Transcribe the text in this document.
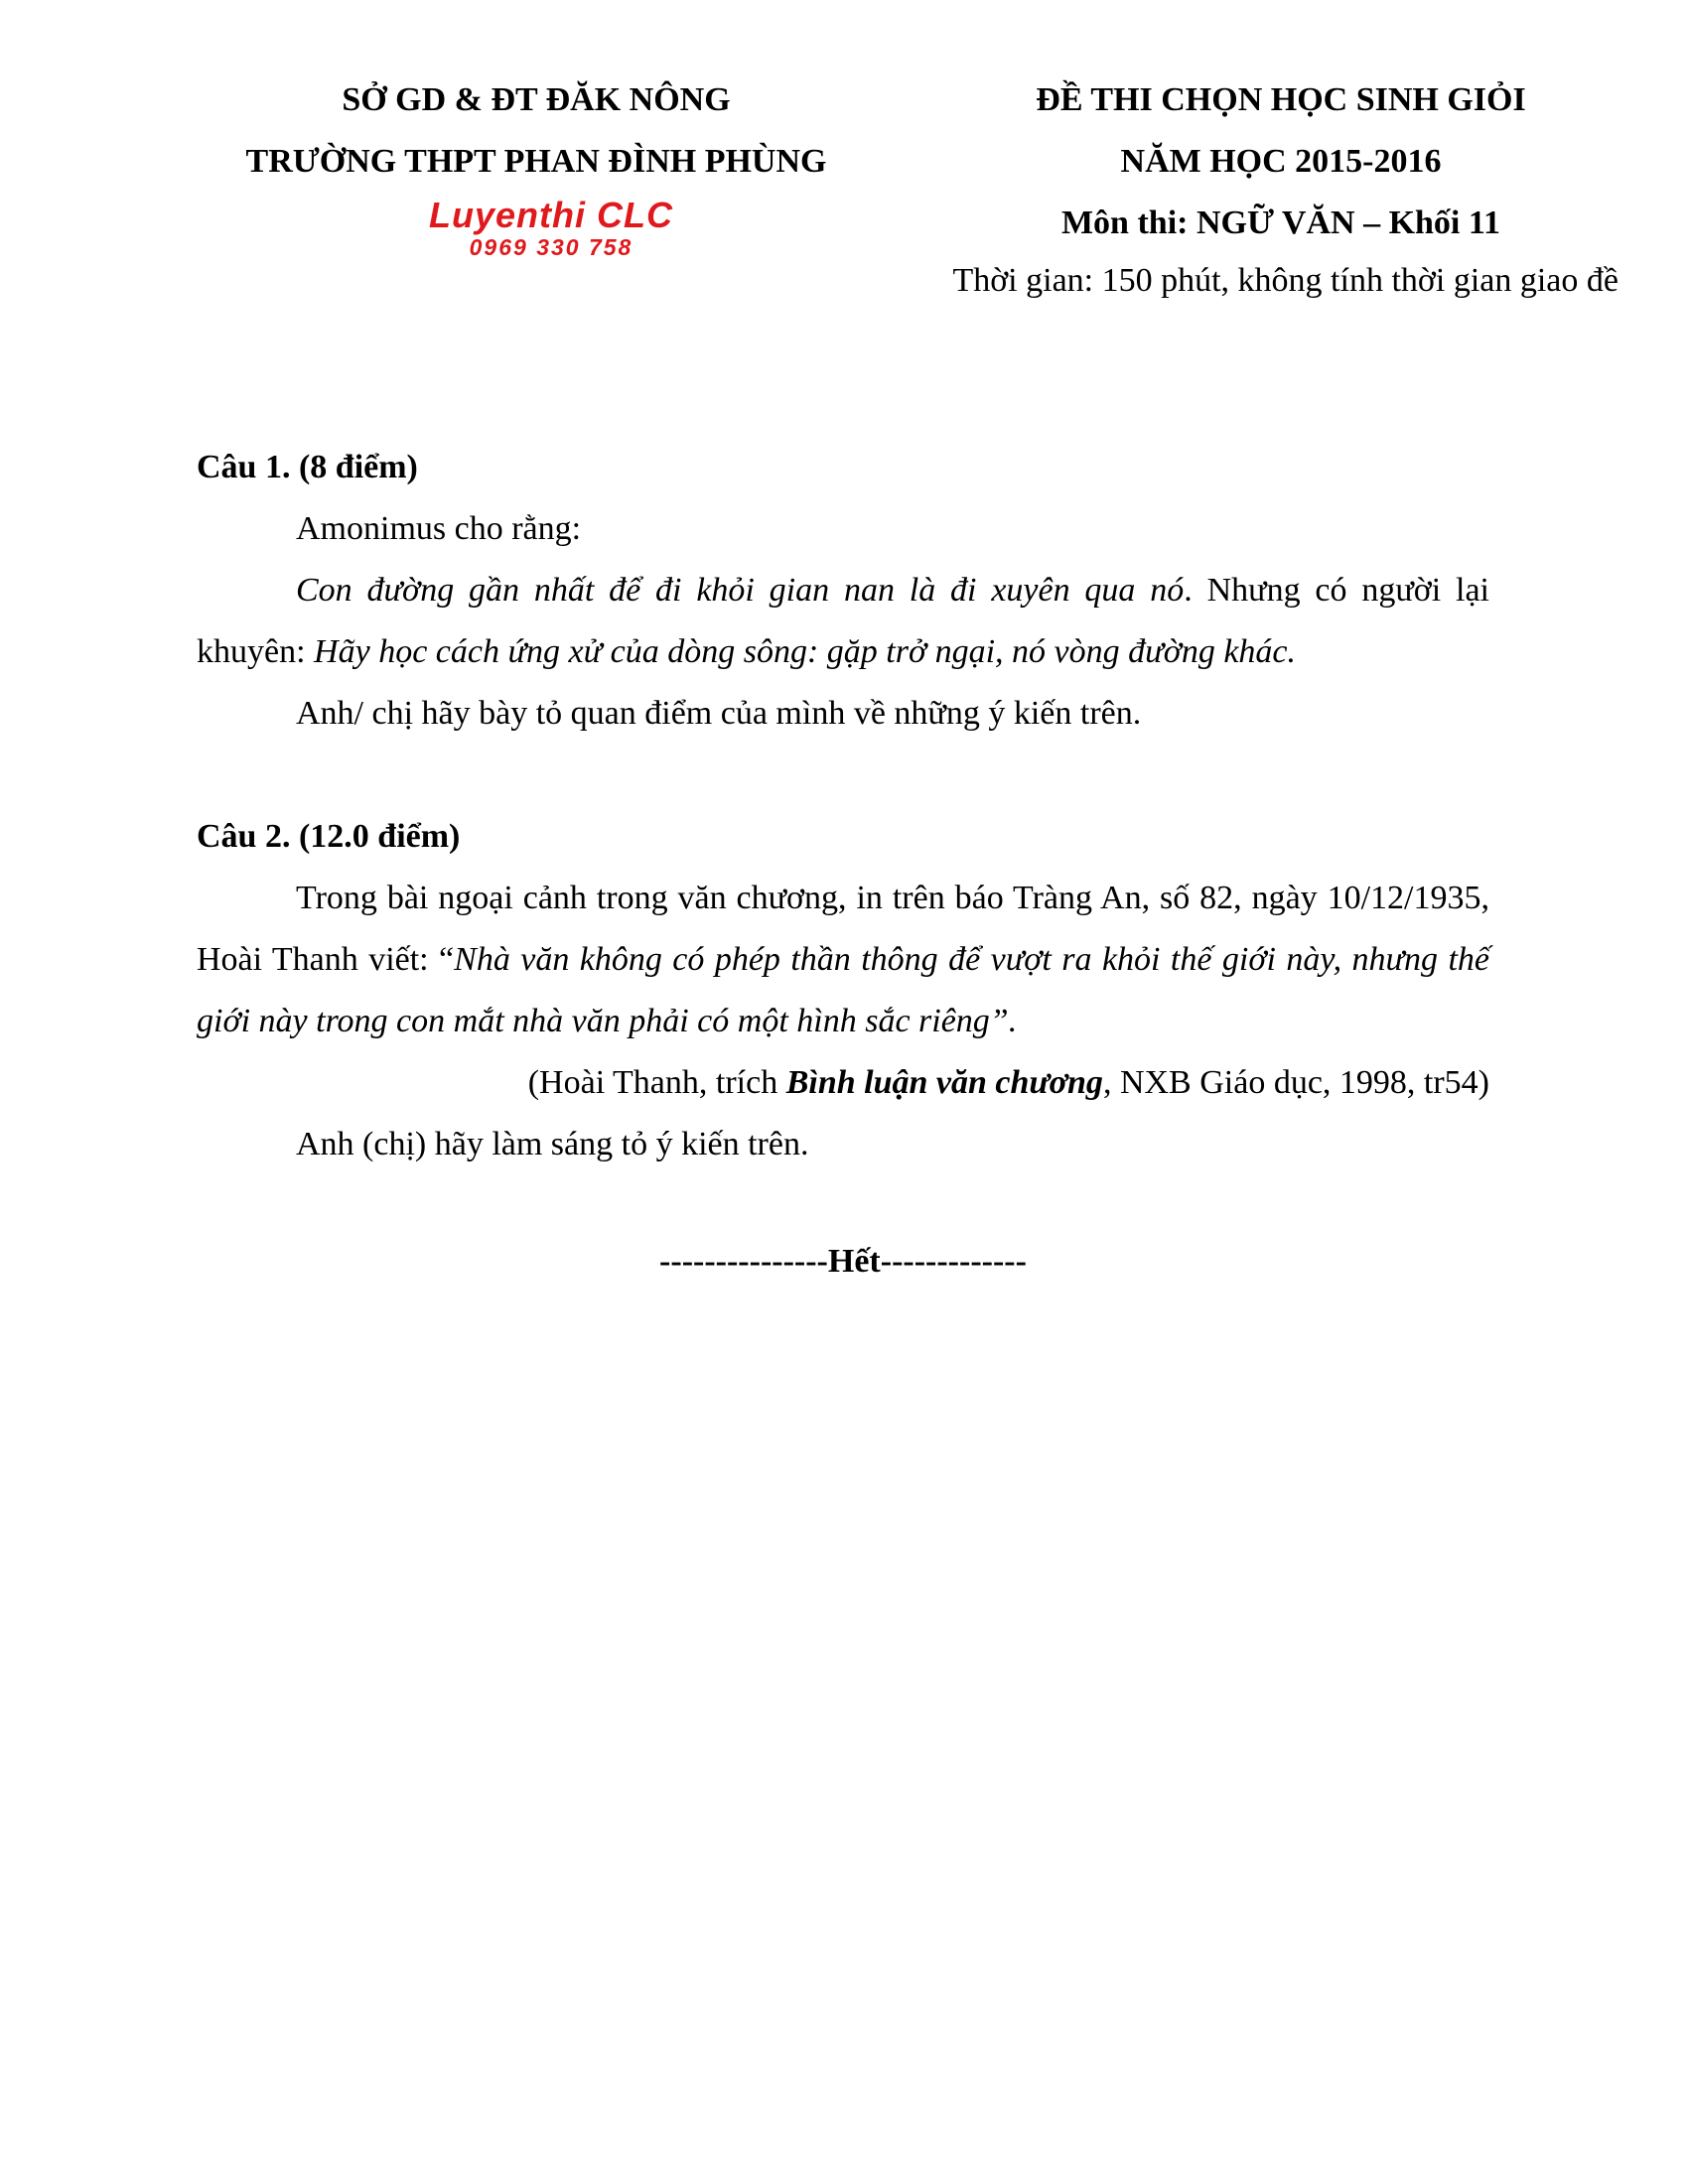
SỞ GD & ĐT ĐĂK NÔNG
TRƯỜNG THPT PHAN ĐÌNH PHÙNG
Luyenthi CLC
0969 330 758
ĐỀ THI CHỌN HỌC SINH GIỎI
NĂM HỌC 2015-2016
Môn thi: NGỮ VĂN – Khối 11
Thời gian: 150 phút, không tính thời gian giao đề

Câu 1. (8 điểm)

Amonimus cho rằng:

Con đường gần nhất để đi khỏi gian nan là đi xuyên qua nó. Nhưng có người lại khuyên: Hãy học cách ứng xử của dòng sông: gặp trở ngại, nó vòng đường khác.

Anh/ chị hãy bày tỏ quan điểm của mình về những ý kiến trên.

Câu 2. (12.0 điểm)

Trong bài ngoại cảnh trong văn chương, in trên báo Tràng An, số 82, ngày 10/12/1935, Hoài Thanh viết: “Nhà văn không có phép thần thông để vượt ra khỏi thế giới này, nhưng thế giới này trong con mắt nhà văn phải có một hình sắc riêng”.

(Hoài Thanh, trích Bình luận văn chương, NXB Giáo dục, 1998, tr54)

Anh (chị) hãy làm sáng tỏ ý kiến trên.

---------------Hết-------------
